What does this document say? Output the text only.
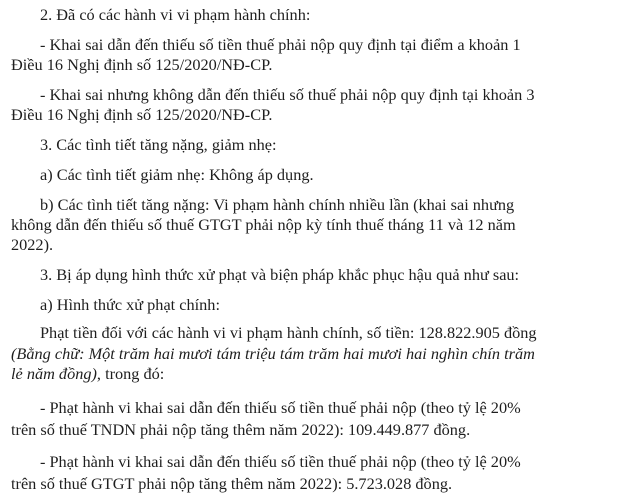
2. Đã có các hành vi vi phạm hành chính:

- Khai sai dẫn đến thiếu số tiền thuế phải nộp quy định tại điểm a khoản 1

Điều 16 Nghị định số 125/2020/NĐ-CP.

- Khai sai nhưng không dẫn đến thiếu số thuế phải nộp quy định tại khoản 3

Điều 16 Nghị định số 125/2020/NĐ-CP.

3. Các tình tiết tăng nặng, giảm nhẹ:

a) Các tình tiết giảm nhẹ: Không áp dụng.

b) Các tình tiết tăng nặng: Vi phạm hành chính nhiều lần (khai sai nhưng

không dẫn đến thiếu số thuế GTGT phải nộp kỳ tính thuế tháng 11 và 12 năm

2022).

3. Bị áp dụng hình thức xử phạt và biện pháp khắc phục hậu quả như sau:

a) Hình thức xử phạt chính:

Phạt tiền đối với các hành vi vi phạm hành chính, số tiền: 128.822.905 đồng

(Bằng chữ: Một trăm hai mươi tám triệu tám trăm hai mươi hai nghìn chín trăm

lẻ năm đồng), trong đó:

- Phạt hành vi khai sai dẫn đến thiếu số tiền thuế phải nộp (theo tỷ lệ 20%

trên số thuế TNDN phải nộp tăng thêm năm 2022): 109.449.877 đồng.

- Phạt hành vi khai sai dẫn đến thiếu số tiền thuế phải nộp (theo tỷ lệ 20%

trên số thuế GTGT phải nộp tăng thêm năm 2022): 5.723.028 đồng.
